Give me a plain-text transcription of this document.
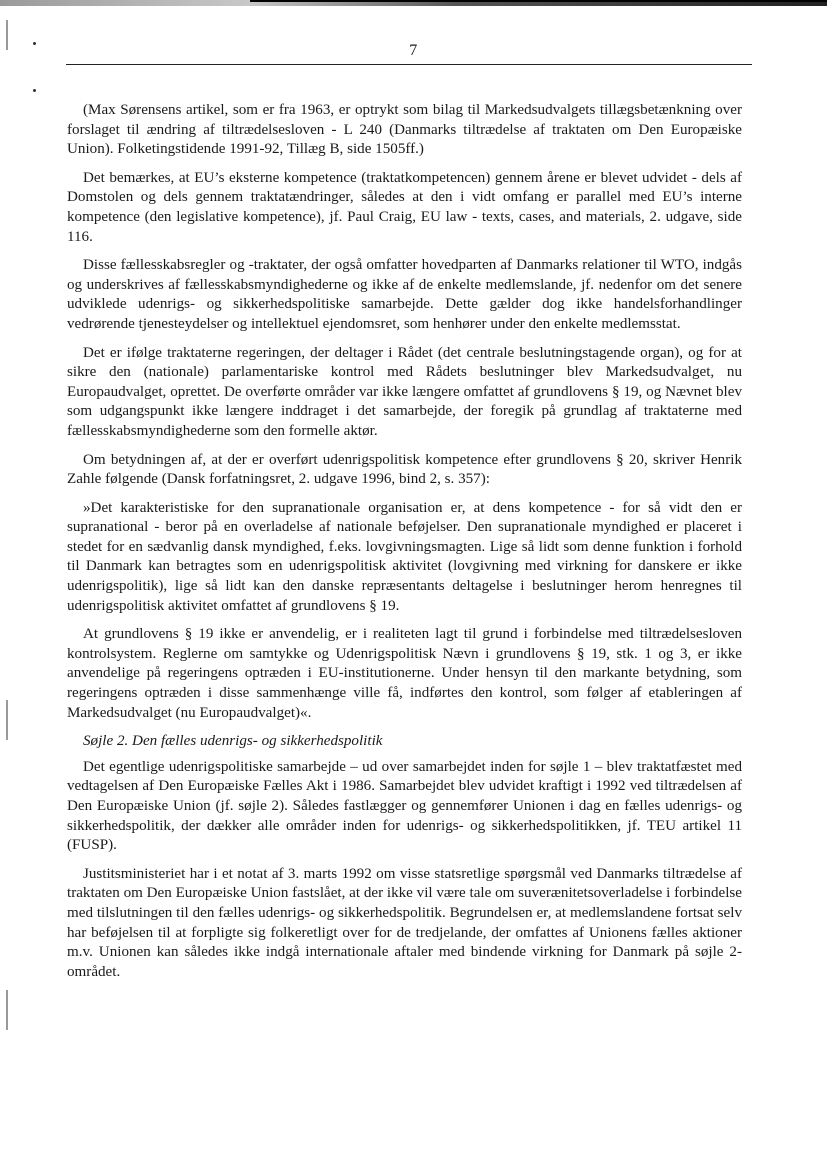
7

(Max Sørensens artikel, som er fra 1963, er optrykt som bilag til Markedsudvalgets tillægsbetænkning over forslaget til ændring af tiltrædelsesloven - L 240 (Danmarks tiltrædelse af traktaten om Den Europæiske Union). Folketingstidende 1991-92, Tillæg B, side 1505ff.)

Det bemærkes, at EU’s eksterne kompetence (traktatkompetencen) gennem årene er blevet udvidet - dels af Domstolen og dels gennem traktatændringer, således at den i vidt omfang er parallel med EU’s interne kompetence (den legislative kompetence), jf. Paul Craig, EU law - texts, cases, and materials, 2. udgave, side 116.

Disse fællesskabsregler og -traktater, der også omfatter hovedparten af Danmarks relationer til WTO, indgås og underskrives af fællesskabsmyndighederne og ikke af de enkelte medlemslande, jf. nedenfor om det senere udviklede udenrigs- og sikkerhedspolitiske samarbejde. Dette gælder dog ikke handelsforhandlinger vedrørende tjenesteydelser og intellektuel ejendomsret, som henhører under den enkelte medlemsstat.

Det er ifølge traktaterne regeringen, der deltager i Rådet (det centrale beslutningstagende organ), og for at sikre den (nationale) parlamentariske kontrol med Rådets beslutninger blev Markedsudvalget, nu Europaudvalget, oprettet. De overførte områder var ikke længere omfattet af grundlovens § 19, og Nævnet blev som udgangspunkt ikke længere inddraget i det samarbejde, der foregik på grundlag af traktaterne med fællesskabsmyndighederne som den formelle aktør.

Om betydningen af, at der er overført udenrigspolitisk kompetence efter grundlovens § 20, skriver Henrik Zahle følgende (Dansk forfatningsret, 2. udgave 1996, bind 2, s. 357):

»Det karakteristiske for den supranationale organisation er, at dens kompetence - for så vidt den er supranational - beror på en overladelse af nationale beføjelser. Den supranationale myndighed er placeret i stedet for en sædvanlig dansk myndighed, f.eks. lovgivningsmagten. Lige så lidt som denne funktion i forhold til Danmark kan betragtes som en udenrigspolitisk aktivitet (lovgivning med virkning for danskere er ikke udenrigspolitik), lige så lidt kan den danske repræsentants deltagelse i beslutninger herom henregnes til udenrigspolitisk aktivitet omfattet af grundlovens § 19.

At grundlovens § 19 ikke er anvendelig, er i realiteten lagt til grund i forbindelse med tiltrædelsesloven kontrolsystem. Reglerne om samtykke og Udenrigspolitisk Nævn i grundlovens § 19, stk. 1 og 3, er ikke anvendelige på regeringens optræden i EU-institutionerne. Under hensyn til den markante betydning, som regeringens optræden i disse sammenhænge ville få, indførtes den kontrol, som følger af etableringen af Markedsudvalget (nu Europaudvalget)«.

Søjle 2. Den fælles udenrigs- og sikkerhedspolitik

Det egentlige udenrigspolitiske samarbejde – ud over samarbejdet inden for søjle 1 – blev traktatfæstet med vedtagelsen af Den Europæiske Fælles Akt i 1986. Samarbejdet blev udvidet kraftigt i 1992 ved tiltrædelsen af Den Europæiske Union (jf. søjle 2). Således fastlægger og gennemfører Unionen i dag en fælles udenrigs- og sikkerhedspolitik, der dækker alle områder inden for udenrigs- og sikkerhedspolitikken, jf. TEU artikel 11 (FUSP).

Justitsministeriet har i et notat af 3. marts 1992 om visse statsretlige spørgsmål ved Danmarks tiltrædelse af traktaten om Den Europæiske Union fastslået, at der ikke vil være tale om suverænitetsoverladelse i forbindelse med tilslutningen til den fælles udenrigs- og sikkerhedspolitik. Begrundelsen er, at medlemslandene fortsat selv har beføjelsen til at forpligte sig folkeretligt over for de tredjelande, der omfattes af Unionens fælles aktioner m.v. Unionen kan således ikke indgå internationale aftaler med bindende virkning for Danmark på søjle 2-området.
